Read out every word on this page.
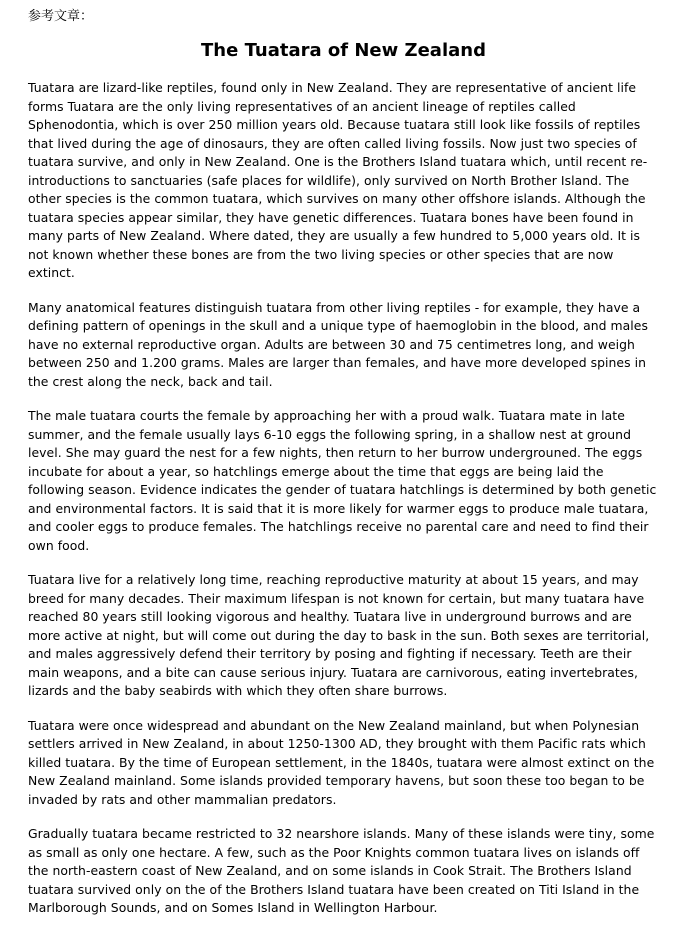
参考文章：
The Tuatara of New Zealand

Tuatara are lizard-like reptiles, found only in New Zealand. They are representative of ancient life forms Tuatara are the only living representatives of an ancient lineage of reptiles called Sphenodontia, which is over 250 million years old. Because tuatara still look like fossils of reptiles that lived during the age of dinosaurs, they are often called living fossils. Now just two species of tuatara survive, and only in New Zealand. One is the Brothers Island tuatara which, until recent re-introductions to sanctuaries (safe places for wildlife), only survived on North Brother Island. The other species is the common tuatara, which survives on many other offshore islands. Although the tuatara species appear similar, they have genetic differences. Tuatara bones have been found in many parts of New Zealand. Where dated, they are usually a few hundred to 5,000 years old. It is not known whether these bones are from the two living species or other species that are now extinct.

Many anatomical features distinguish tuatara from other living reptiles - for example, they have a defining pattern of openings in the skull and a unique type of haemoglobin in the blood, and males have no external reproductive organ. Adults are between 30 and 75 centimetres long, and weigh between 250 and 1.200 grams. Males are larger than females, and have more developed spines in the crest along the neck, back and tail.

The male tuatara courts the female by approaching her with a proud walk. Tuatara mate in late summer, and the female usually lays 6-10 eggs the following spring, in a shallow nest at ground level. She may guard the nest for a few nights, then return to her burrow undergrouned. The eggs incubate for about a year, so hatchlings emerge about the time that eggs are being laid the following season. Evidence indicates the gender of tuatara hatchlings is determined by both genetic and environmental factors. It is said that it is more likely for warmer eggs to produce male tuatara, and cooler eggs to produce females. The hatchlings receive no parental care and need to find their own food.

Tuatara live for a relatively long time, reaching reproductive maturity at about 15 years, and may breed for many decades. Their maximum lifespan is not known for certain, but many tuatara have reached 80 years still looking vigorous and healthy. Tuatara live in underground burrows and are more active at night, but will come out during the day to bask in the sun. Both sexes are territorial, and males aggressively defend their territory by posing and fighting if necessary. Teeth are their main weapons, and a bite can cause serious injury. Tuatara are carnivorous, eating invertebrates, lizards and the baby seabirds with which they often share burrows.

Tuatara were once widespread and abundant on the New Zealand mainland, but when Polynesian settlers arrived in New Zealand, in about 1250-1300 AD, they brought with them Pacific rats which killed tuatara. By the time of European settlement, in the 1840s, tuatara were almost extinct on the New Zealand mainland. Some islands provided temporary havens, but soon these too began to be invaded by rats and other mammalian predators.

Gradually tuatara became restricted to 32 nearshore islands. Many of these islands were tiny, some as small as only one hectare. A few, such as the Poor Knights common tuatara lives on islands off the north-eastern coast of New Zealand, and on some islands in Cook Strait. The Brothers Island tuatara survived only on the of the Brothers Island tuatara have been created on Titi Island in the Marlborough Sounds, and on Somes Island in Wellington Harbour.
